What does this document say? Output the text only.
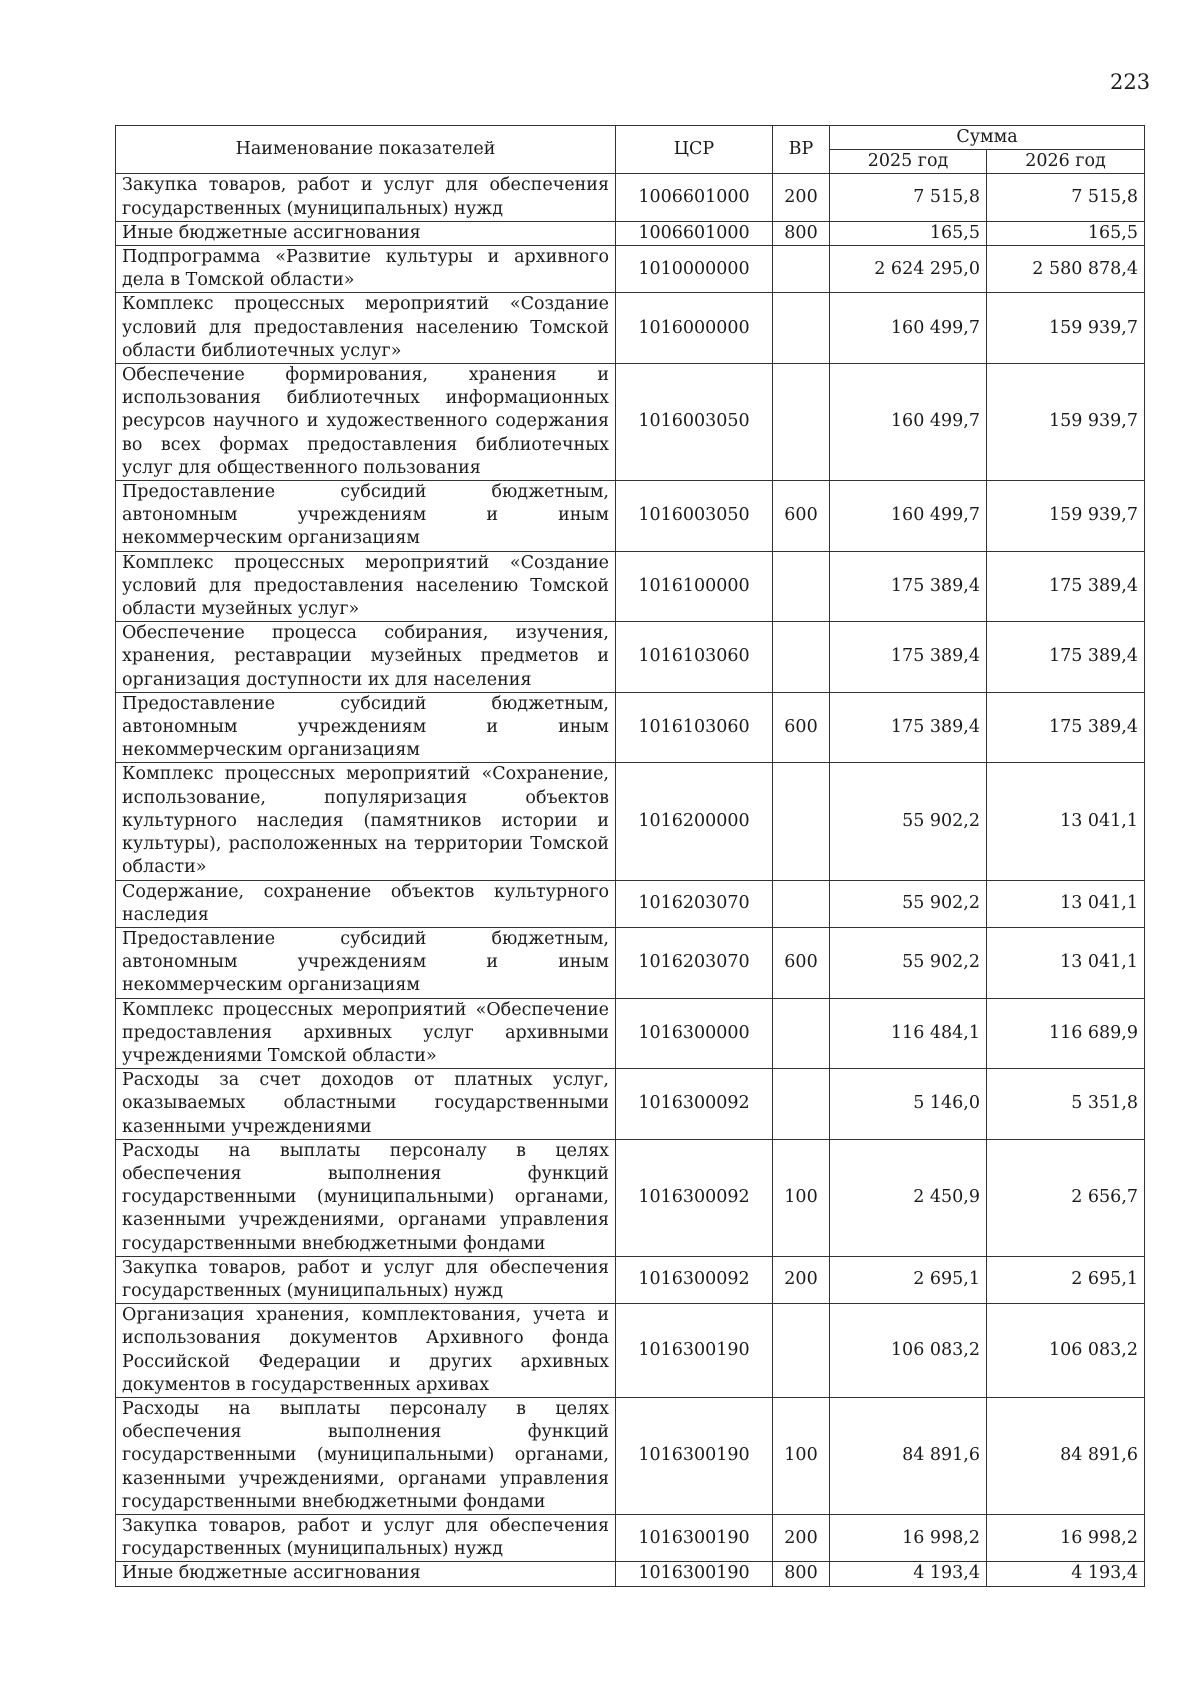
223
Наименование показателей	ЦСР	ВР	Сумма	
			2025 год	2026 год
Закупка товаров, работ и услуг для обеспечения государственных (муниципальных) нужд	1006601000	200	7 515,8	7 515,8
Иные бюджетные ассигнования	1006601000	800	165,5	165,5
Подпрограмма «Развитие культуры и архивного дела в Томской области»	1010000000		2 624 295,0	2 580 878,4
Комплекс процессных мероприятий «Создание условий для предоставления населению Томской области библиотечных услуг»	1016000000		160 499,7	159 939,7
Обеспечение формирования, хранения и использования библиотечных информационных ресурсов научного и художественного содержания во всех формах предоставления библиотечных услуг для общественного пользования	1016003050		160 499,7	159 939,7
Предоставление субсидий бюджетным, автономным учреждениям и иным некоммерческим организациям	1016003050	600	160 499,7	159 939,7
Комплекс процессных мероприятий «Создание условий для предоставления населению Томской области музейных услуг»	1016100000		175 389,4	175 389,4
Обеспечение процесса собирания, изучения, хранения, реставрации музейных предметов и организация доступности их для населения	1016103060		175 389,4	175 389,4
Предоставление субсидий бюджетным, автономным учреждениям и иным некоммерческим организациям	1016103060	600	175 389,4	175 389,4
Комплекс процессных мероприятий «Сохранение, использование, популяризация объектов культурного наследия (памятников истории и культуры), расположенных на территории Томской области»	1016200000		55 902,2	13 041,1
Содержание, сохранение объектов культурного наследия	1016203070		55 902,2	13 041,1
Предоставление субсидий бюджетным, автономным учреждениям и иным некоммерческим организациям	1016203070	600	55 902,2	13 041,1
Комплекс процессных мероприятий «Обеспечение предоставления архивных услуг архивными учреждениями Томской области»	1016300000		116 484,1	116 689,9
Расходы за счет доходов от платных услуг, оказываемых областными государственными казенными учреждениями	1016300092		5 146,0	5 351,8
Расходы на выплаты персоналу в целях обеспечения выполнения функций государственными (муниципальными) органами, казенными учреждениями, органами управления государственными внебюджетными фондами	1016300092	100	2 450,9	2 656,7
Закупка товаров, работ и услуг для обеспечения государственных (муниципальных) нужд	1016300092	200	2 695,1	2 695,1
Организация хранения, комплектования, учета и использования документов Архивного фонда Российской Федерации и других архивных документов в государственных архивах	1016300190		106 083,2	106 083,2
Расходы на выплаты персоналу в целях обеспечения выполнения функций государственными (муниципальными) органами, казенными учреждениями, органами управления государственными внебюджетными фондами	1016300190	100	84 891,6	84 891,6
Закупка товаров, работ и услуг для обеспечения государственных (муниципальных) нужд	1016300190	200	16 998,2	16 998,2
Иные бюджетные ассигнования	1016300190	800	4 193,4	4 193,4
